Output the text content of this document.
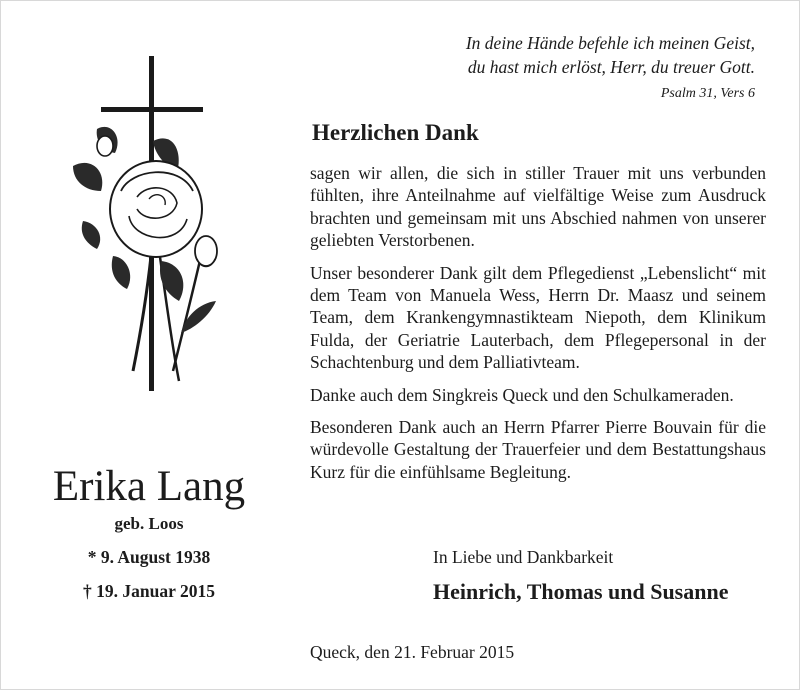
In deine Hände befehle ich meinen Geist,
du hast mich erlöst, Herr, du treuer Gott.
Psalm 31, Vers 6
Herzlichen Dank

sagen wir allen, die sich in stiller Trauer mit uns verbunden fühlten, ihre Anteilnahme auf vielfältige Weise zum Ausdruck brachten und gemeinsam mit uns Abschied nahmen von unserer geliebten Verstorbenen.

Unser besonderer Dank gilt dem Pflegedienst „Lebenslicht“ mit dem Team von Manuela Wess, Herrn Dr. Maasz und seinem Team, dem Krankengymnastikteam Niepoth, dem Klinikum Fulda, der Geriatrie Lauterbach, dem Pflegepersonal in der Schachtenburg und dem Palliativteam.

Danke auch dem Singkreis Queck und den Schulkameraden.

Besonderen Dank auch an Herrn Pfarrer Pierre Bouvain für die würdevolle Gestaltung der Trauerfeier und dem Bestattungshaus Kurz für die einfühlsame Begleitung.

Erika Lang
geb. Loos
* 9. August 1938
† 19. Januar 2015
In Liebe und Dankbarkeit
Heinrich, Thomas und Susanne
Queck, den 21. Februar 2015
